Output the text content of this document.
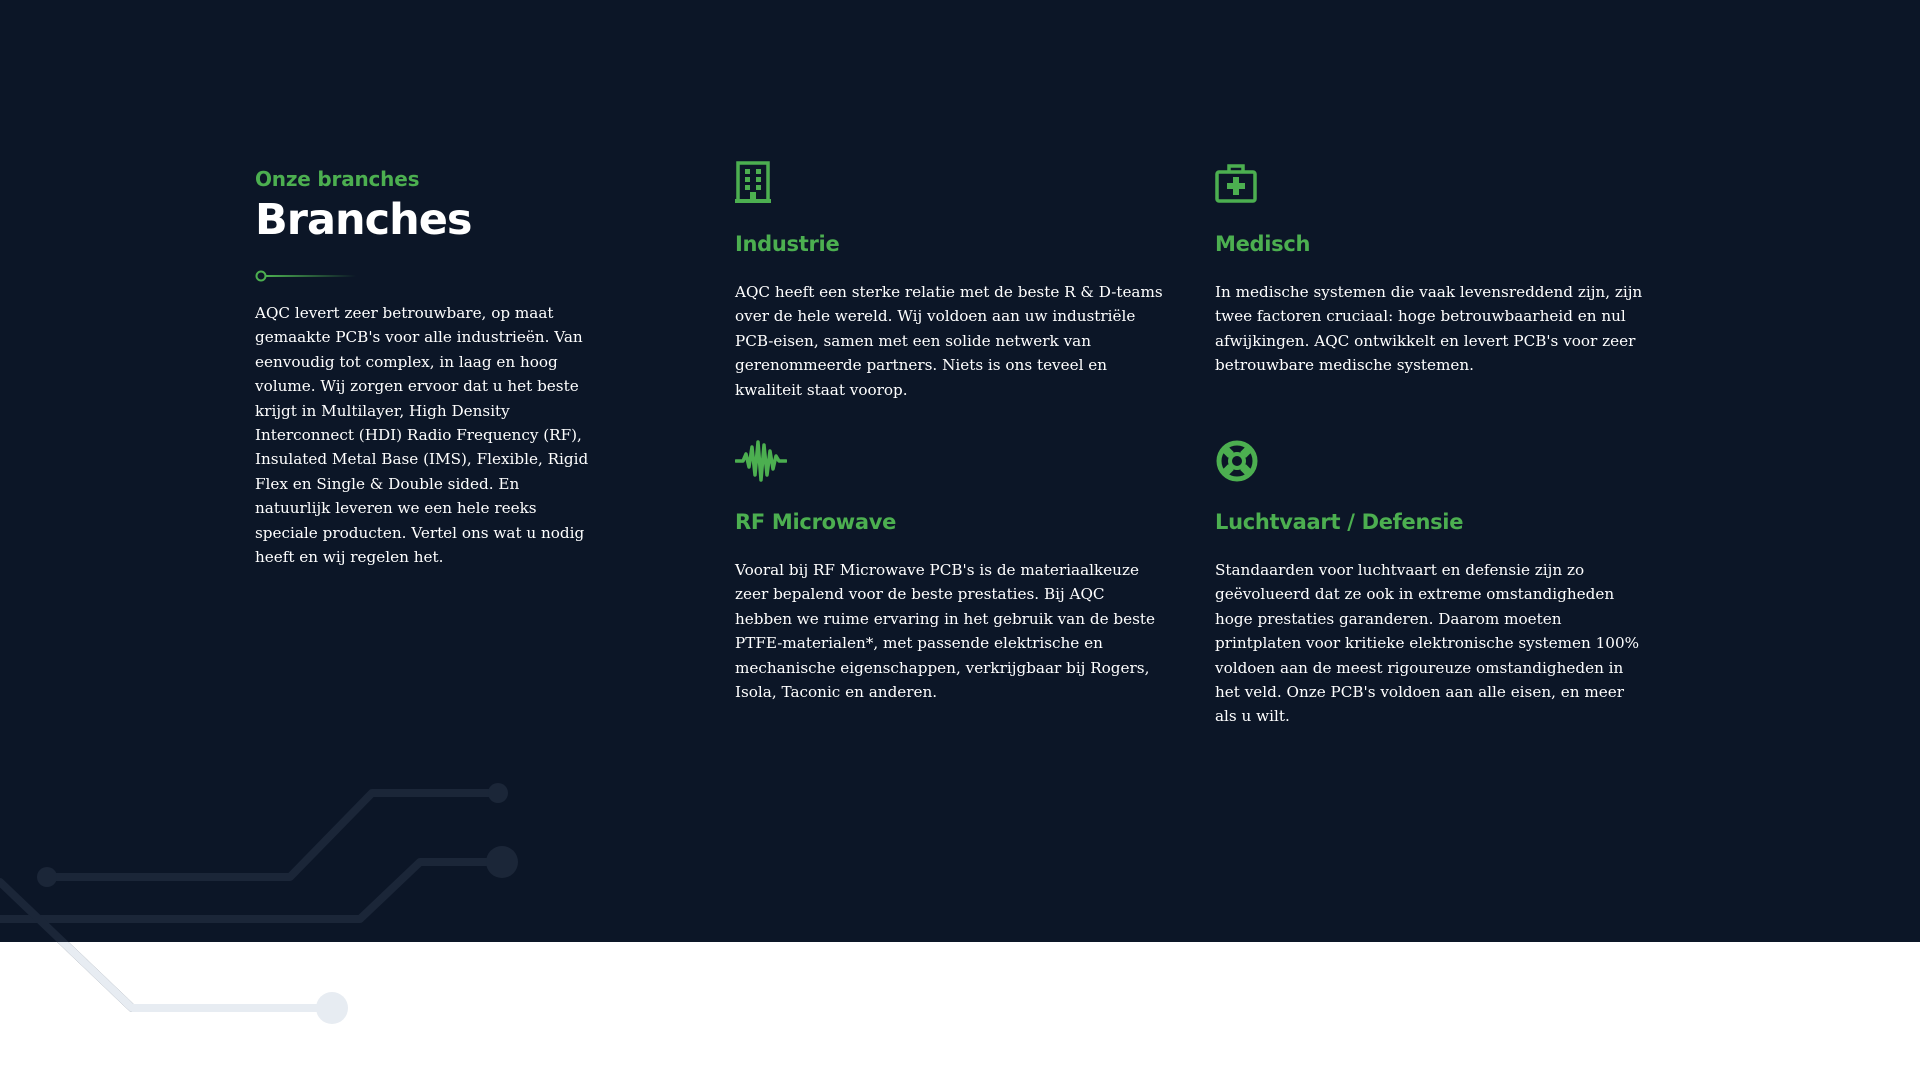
Onze branches

Branches

AQC levert zeer betrouwbare, op maat gemaakte PCB's voor alle industrieën. Van eenvoudig tot complex, in laag en hoog volume. Wij zorgen ervoor dat u het beste krijgt in Multilayer, High Density Interconnect (HDI) Radio Frequency (RF), Insulated Metal Base (IMS), Flexible, Rigid Flex en Single & Double sided. En natuurlijk leveren we een hele reeks speciale producten. Vertel ons wat u nodig heeft en wij regelen het.

Industrie

AQC heeft een sterke relatie met de beste R & D-teams over de hele wereld. Wij voldoen aan uw industriële PCB-eisen, samen met een solide netwerk van gerenommeerde partners. Niets is ons teveel en kwaliteit staat voorop.

Medisch

In medische systemen die vaak levensreddend zijn, zijn twee factoren cruciaal: hoge betrouwbaarheid en nul afwijkingen. AQC ontwikkelt en levert PCB's voor zeer betrouwbare medische systemen.

RF Microwave

Vooral bij RF Microwave PCB's is de materiaalkeuze zeer bepalend voor de beste prestaties. Bij AQC hebben we ruime ervaring in het gebruik van de beste PTFE-materialen*, met passende elektrische en mechanische eigenschappen, verkrijgbaar bij Rogers, Isola, Taconic en anderen.

Luchtvaart / Defensie

Standaarden voor luchtvaart en defensie zijn zo geëvolueerd dat ze ook in extreme omstandigheden hoge prestaties garanderen. Daarom moeten printplaten voor kritieke elektronische systemen 100% voldoen aan de meest rigoureuze omstandigheden in het veld. Onze PCB's voldoen aan alle eisen, en meer als u wilt.
